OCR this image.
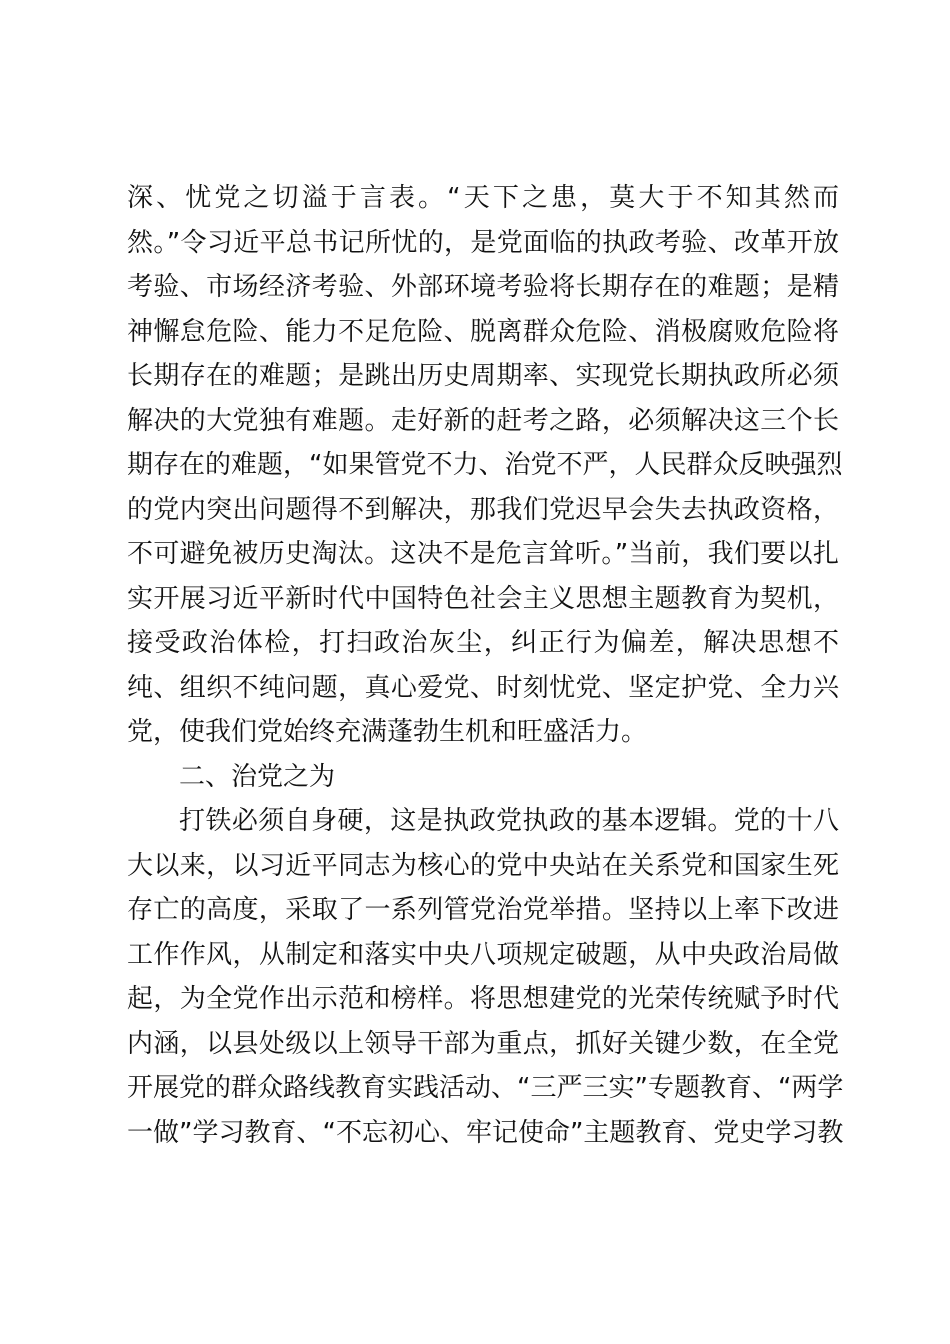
深、忧党之切溢于言表。“天下之患，莫大于不知其然而
然。”令习近平总书记所忧的，是党面临的执政考验、改革开放
考验、市场经济考验、外部环境考验将长期存在的难题；是精
神懈怠危险、能力不足危险、脱离群众危险、消极腐败危险将
长期存在的难题；是跳出历史周期率、实现党长期执政所必须
解决的大党独有难题。走好新的赶考之路，必须解决这三个长
期存在的难题，“如果管党不力、治党不严，人民群众反映强烈
的党内突出问题得不到解决，那我们党迟早会失去执政资格，
不可避免被历史淘汰。这决不是危言耸听。”当前，我们要以扎
实开展习近平新时代中国特色社会主义思想主题教育为契机，
接受政治体检，打扫政治灰尘，纠正行为偏差，解决思想不
纯、组织不纯问题，真心爱党、时刻忧党、坚定护党、全力兴
党，使我们党始终充满蓬勃生机和旺盛活力。
二、治党之为
打铁必须自身硬，这是执政党执政的基本逻辑。党的十八
大以来，以习近平同志为核心的党中央站在关系党和国家生死
存亡的高度，采取了一系列管党治党举措。坚持以上率下改进
工作作风，从制定和落实中央八项规定破题，从中央政治局做
起，为全党作出示范和榜样。将思想建党的光荣传统赋予时代
内涵，以县处级以上领导干部为重点，抓好关键少数，在全党
开展党的群众路线教育实践活动、“三严三实”专题教育、“两学
一做”学习教育、“不忘初心、牢记使命”主题教育、党史学习教
